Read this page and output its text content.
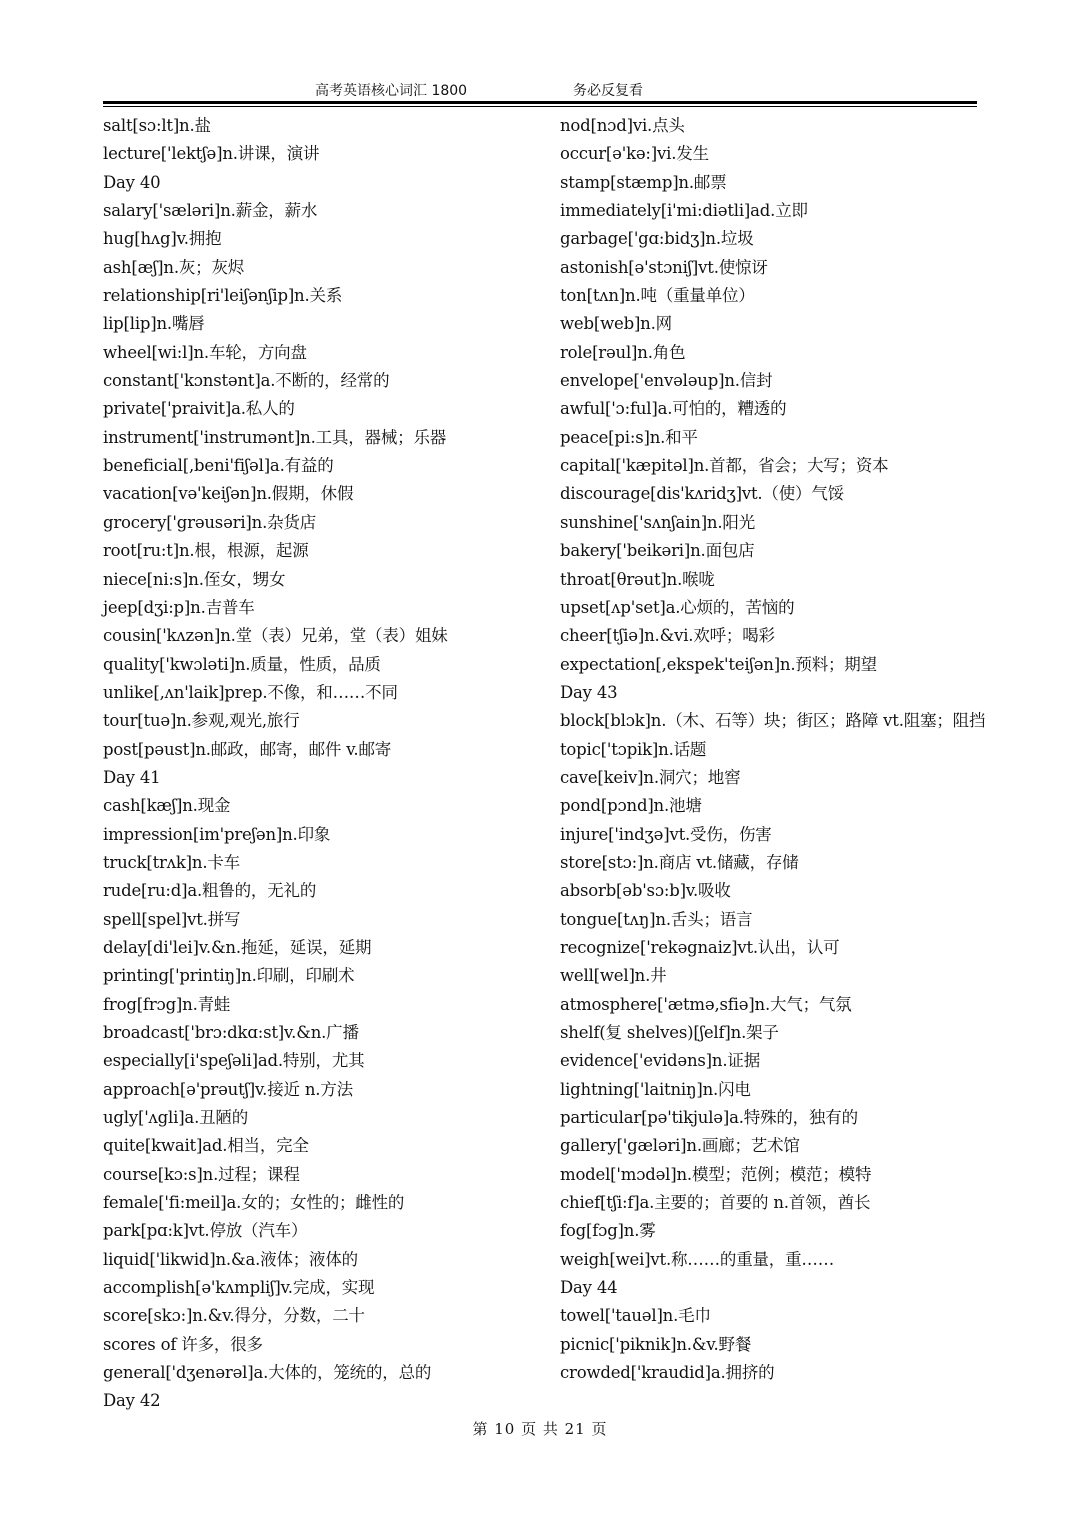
高考英语核心词汇 1800	务必反复看
salt[sɔ:lt]n.盐
lecture['lektʃə]n.讲课，演讲
Day 40
salary['sæləri]n.薪金，薪水
hug[hʌg]v.拥抱
ash[æʃ]n.灰；灰烬
relationship[ri'leiʃənʃip]n.关系
lip[lip]n.嘴唇
wheel[wi:l]n.车轮，方向盘
constant['kɔnstənt]a.不断的，经常的
private['praivit]a.私人的
instrument['instrumənt]n.工具，器械；乐器
beneficial[,beni'fiʃəl]a.有益的
vacation[və'keiʃən]n.假期，休假
grocery['grəusəri]n.杂货店
root[ru:t]n.根，根源，起源
niece[ni:s]n.侄女，甥女
jeep[dʒi:p]n.吉普车
cousin['kʌzən]n.堂（表）兄弟，堂（表）姐妹
quality['kwɔləti]n.质量，性质，品质
unlike[,ʌn'laik]prep.不像，和……不同
tour[tuə]n.参观,观光,旅行
post[pəust]n.邮政，邮寄，邮件 v.邮寄
Day 41
cash[kæʃ]n.现金
impression[im'preʃən]n.印象
truck[trʌk]n.卡车
rude[ru:d]a.粗鲁的，无礼的
spell[spel]vt.拼写
delay[di'lei]v.&n.拖延，延误，延期
printing['printiŋ]n.印刷，印刷术
frog[frɔg]n.青蛙
broadcast['brɔ:dkɑ:st]v.&n.广播
especially[i'speʃəli]ad.特别，尤其
approach[ə'prəutʃ]v.接近 n.方法
ugly['ʌgli]a.丑陋的
quite[kwait]ad.相当，完全
course[kɔ:s]n.过程；课程
female['fi:meil]a.女的；女性的；雌性的
park[pɑ:k]vt.停放（汽车）
liquid['likwid]n.&a.液体；液体的
accomplish[ə'kʌmpliʃ]v.完成，实现
score[skɔ:]n.&v.得分，分数，二十
scores of 许多，很多
general['dʒenərəl]a.大体的，笼统的，总的
Day 42
nod[nɔd]vi.点头
occur[ə'kə:]vi.发生
stamp[stæmp]n.邮票
immediately[i'mi:diətli]ad.立即
garbage['gɑ:bidʒ]n.垃圾
astonish[ə'stɔniʃ]vt.使惊讶
ton[tʌn]n.吨（重量单位）
web[web]n.网
role[rəul]n.角色
envelope['envələup]n.信封
awful['ɔ:ful]a.可怕的，糟透的
peace[pi:s]n.和平
capital['kæpitəl]n.首都，省会；大写；资本
discourage[dis'kʌridʒ]vt.（使）气馁
sunshine['sʌnʃain]n.阳光
bakery['beikəri]n.面包店
throat[θrəut]n.喉咙
upset[ʌp'set]a.心烦的，苦恼的
cheer[tʃiə]n.&vi.欢呼；喝彩
expectation[,ekspek'teiʃən]n.预料；期望
Day 43
block[blɔk]n.（木、石等）块；街区；路障 vt.阻塞；阻挡
topic['tɔpik]n.话题
cave[keiv]n.洞穴；地窖
pond[pɔnd]n.池塘
injure['indʒə]vt.受伤，伤害
store[stɔ:]n.商店 vt.储藏，存储
absorb[əb'sɔ:b]v.吸收
tongue[tʌŋ]n.舌头；语言
recognize['rekəgnaiz]vt.认出，认可
well[wel]n.井
atmosphere['ætmə,sfiə]n.大气；气氛
shelf(复 shelves)[ʃelf]n.架子
evidence['evidəns]n.证据
lightning['laitniŋ]n.闪电
particular[pə'tikjulə]a.特殊的，独有的
gallery['gæləri]n.画廊；艺术馆
model['mɔdəl]n.模型；范例；模范；模特
chief[tʃi:f]a.主要的；首要的 n.首领，酋长
fog[fɔg]n.雾
weigh[wei]vt.称……的重量，重……
Day 44
towel['tauəl]n.毛巾
picnic['piknik]n.&v.野餐
crowded['kraudid]a.拥挤的
第 10 页 共 21 页
